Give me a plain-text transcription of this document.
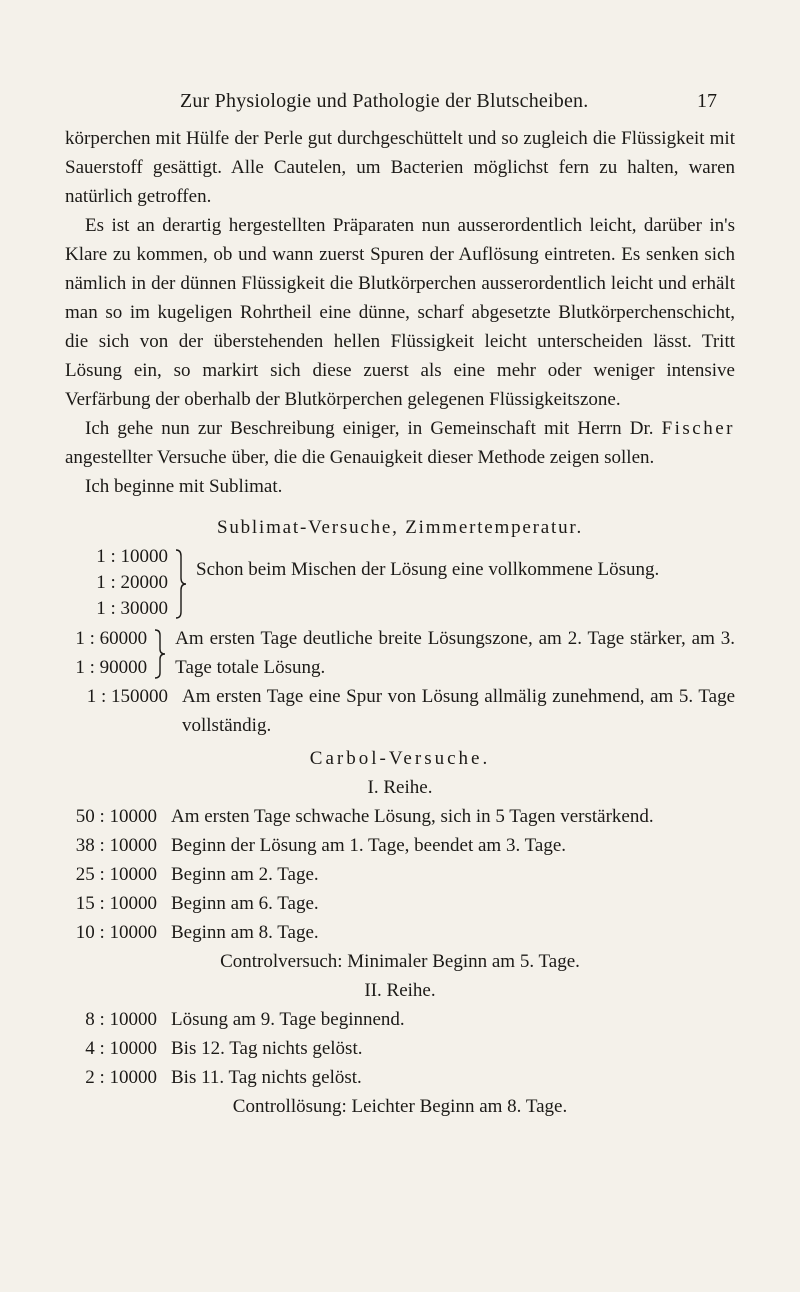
Zur Physiologie und Pathologie der Blutscheiben.	17
körperchen mit Hülfe der Perle gut durchgeschüttelt und so zugleich die Flüssigkeit mit Sauerstoff gesättigt. Alle Cautelen, um Bacterien möglichst fern zu halten, waren natürlich getroffen.
Es ist an derartig hergestellten Präparaten nun ausserordentlich leicht, darüber in's Klare zu kommen, ob und wann zuerst Spuren der Auflösung eintreten. Es senken sich nämlich in der dünnen Flüssigkeit die Blutkörperchen ausserordentlich leicht und erhält man so im kugeligen Rohrtheil eine dünne, scharf abgesetzte Blutkörperchenschicht, die sich von der überstehenden hellen Flüssigkeit leicht unterscheiden lässt. Tritt Lösung ein, so markirt sich diese zuerst als eine mehr oder weniger intensive Verfärbung der oberhalb der Blutkörperchen gelegenen Flüssigkeitszone.
Ich gehe nun zur Beschreibung einiger, in Gemeinschaft mit Herrn Dr. Fischer angestellter Versuche über, die die Genauigkeit dieser Methode zeigen sollen.
Ich beginne mit Sublimat.
Sublimat-Versuche, Zimmertemperatur.
1 : 10000
1 : 20000
1 : 30000
Schon beim Mischen der Lösung eine vollkommene Lösung.
1 : 60000
1 : 90000
Am ersten Tage deutliche breite Lösungszone, am 2. Tage stärker, am 3. Tage totale Lösung.
1 : 150000 Am ersten Tage eine Spur von Lösung allmälig zunehmend, am 5. Tage vollständig.
Carbol-Versuche.
I. Reihe.
50 : 10000 Am ersten Tage schwache Lösung, sich in 5 Tagen verstärkend.
38 : 10000 Beginn der Lösung am 1. Tage, beendet am 3. Tage.
25 : 10000 Beginn am 2. Tage.
15 : 10000 Beginn am 6. Tage.
10 : 10000 Beginn am 8. Tage.
Controlversuch: Minimaler Beginn am 5. Tage.
II. Reihe.
8 : 10000 Lösung am 9. Tage beginnend.
4 : 10000 Bis 12. Tag nichts gelöst.
2 : 10000 Bis 11. Tag nichts gelöst.
Controllösung: Leichter Beginn am 8. Tage.
